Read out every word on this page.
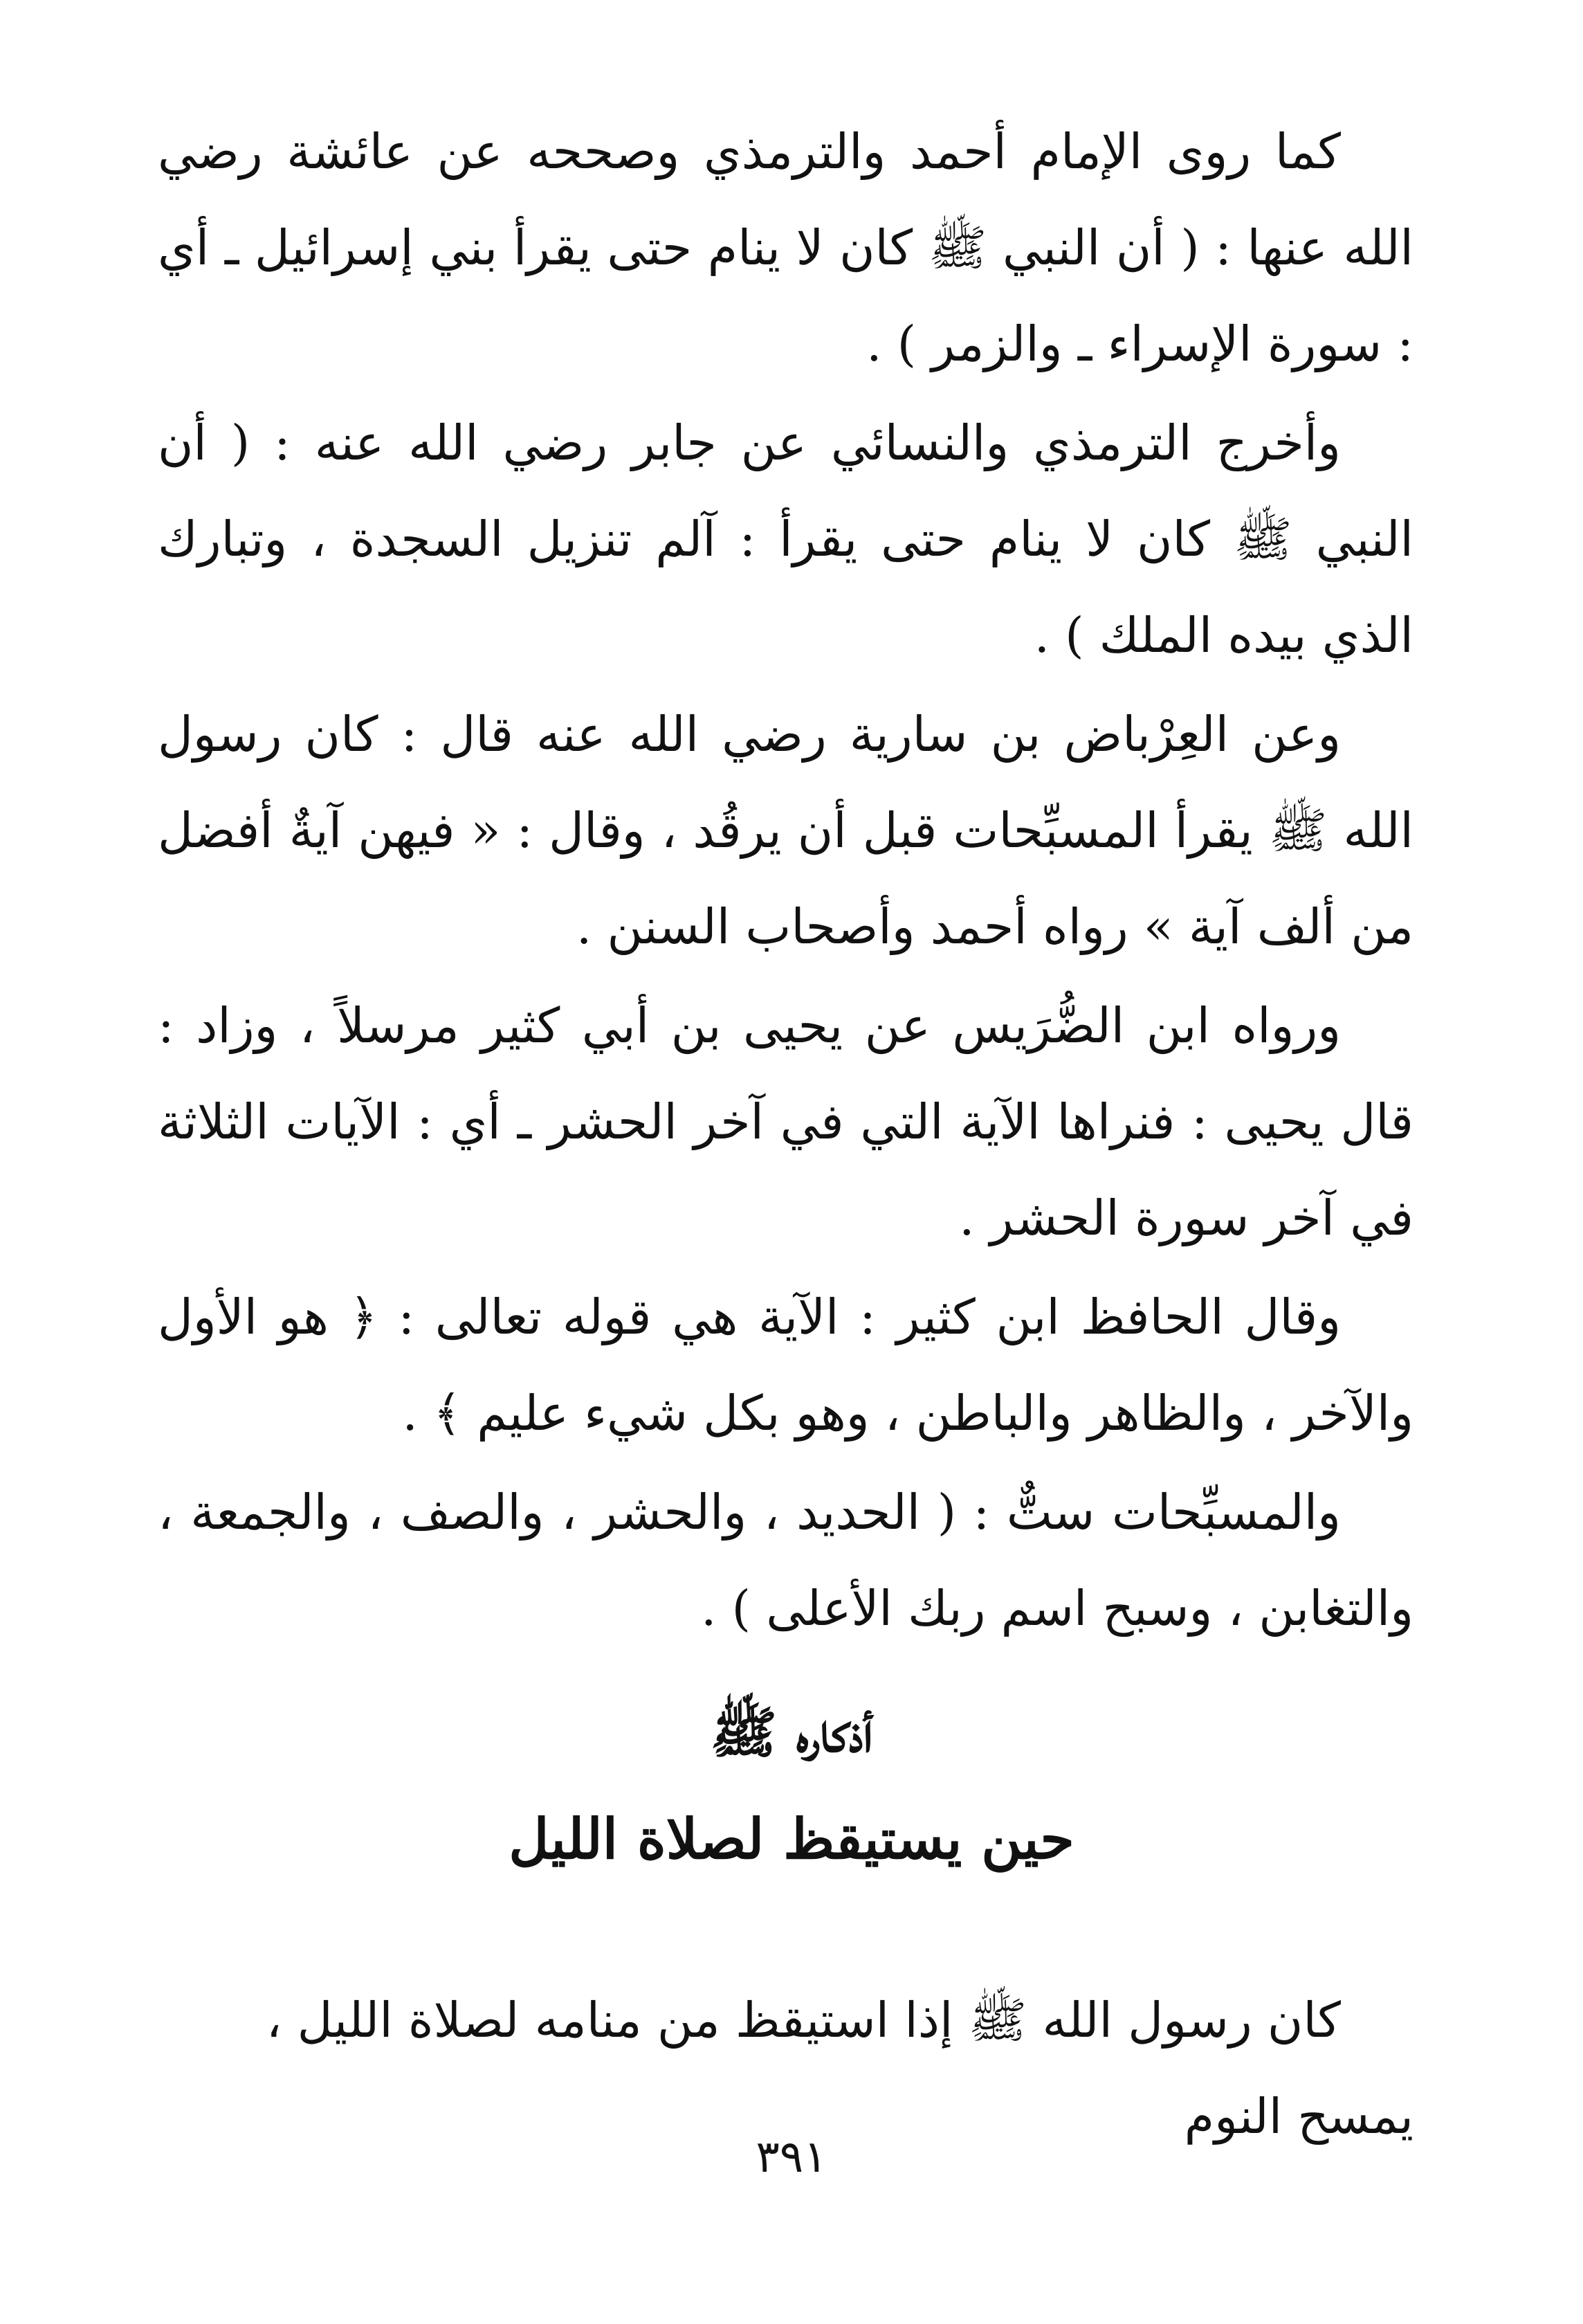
كما روى الإمام أحمد والترمذي وصححه عن عائشة رضي الله عنها : ( أن النبي ﷺ كان لا ينام حتى يقرأ بني إسرائيل ـ أي : سورة الإسراء ـ والزمر ) .

وأخرج الترمذي والنسائي عن جابر رضي الله عنه : ( أن النبي ﷺ كان لا ينام حتى يقرأ : آلم تنزيل السجدة ، وتبارك الذي بيده الملك ) .

وعن العِرْباض بن سارية رضي الله عنه قال : كان رسول الله ﷺ يقرأ المسبِّحات قبل أن يرقُد ، وقال : « فيهن آيةٌ أفضل من ألف آية » رواه أحمد وأصحاب السنن .

ورواه ابن الضُّرَيس عن يحيى بن أبي كثير مرسلاً ، وزاد : قال يحيى : فنراها الآية التي في آخر الحشر ـ أي : الآيات الثلاثة في آخر سورة الحشر .

وقال الحافظ ابن كثير : الآية هي قوله تعالى : ﴿ هو الأول والآخر ، والظاهر والباطن ، وهو بكل شيء عليم ﴾ .

والمسبِّحات ستٌّ : ( الحديد ، والحشر ، والصف ، والجمعة ، والتغابن ، وسبح اسم ربك الأعلى ) .

أذكاره ﷺ
حين يستيقظ لصلاة الليل

كان رسول الله ﷺ إذا استيقظ من منامه لصلاة الليل ، يمسح النوم

٣٩١
